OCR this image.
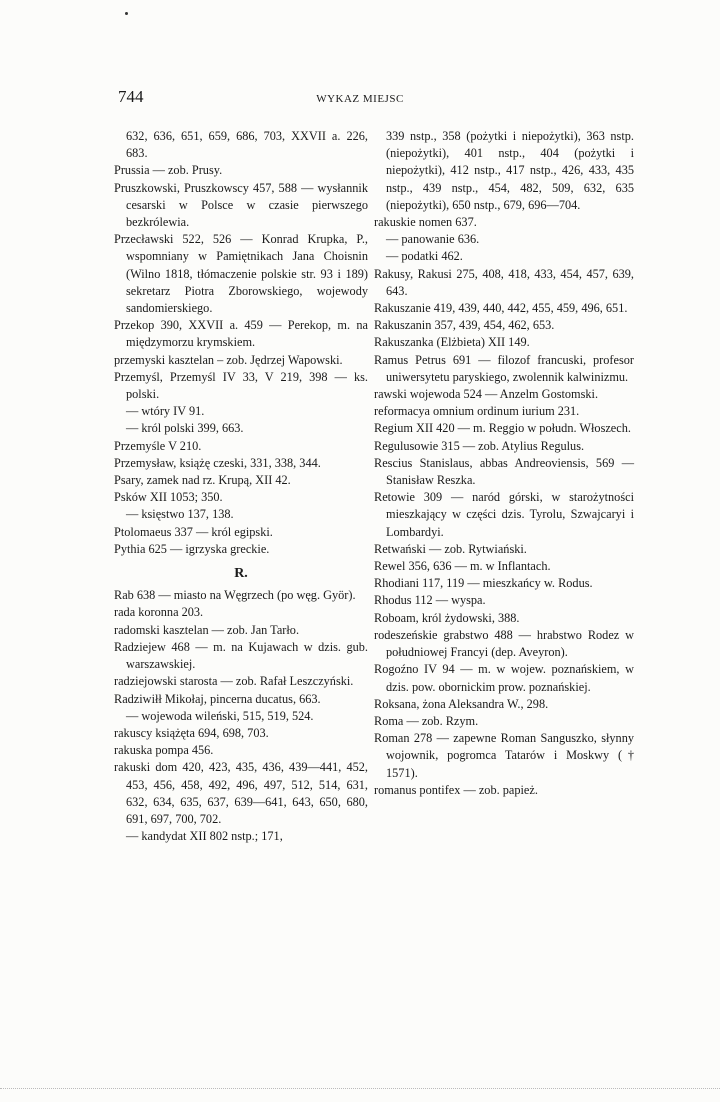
744	WYKAZ MIEJSC

632, 636, 651, 659, 686, 703, XXVII a. 226, 683.

Prussia — zob. Prusy.

Pruszkowski, Pruszkowscy 457, 588 — wysłannik cesarski w Polsce w czasie pierwszego bezkrólewia.

Przecławski 522, 526 — Konrad Krupka, P., wspomniany w Pamiętnikach Jana Choisnin (Wilno 1818, tłómaczenie polskie str. 93 i 189) sekretarz Piotra Zborowskiego, wojewody sandomierskiego.

Przekop 390, XXVII a. 459 — Perekop, m. na międzymorzu krymskiem.

przemyski kasztelan – zob. Jędrzej Wapowski.

Przemyśl, Przemyśl IV 33, V 219, 398 — ks. polski.

— wtóry IV 91.

— król polski 399, 663.

Przemyśle V 210.

Przemysław, książę czeski, 331, 338, 344.

Psary, zamek nad rz. Krupą, XII 42.

Psków XII 1053; 350.

— księstwo 137, 138.

Ptolomaeus 337 — król egipski.

Pythia 625 — igrzyska greckie.

R.

Rab 638 — miasto na Węgrzech (po węg. Györ).

rada koronna 203.

radomski kasztelan — zob. Jan Tarło.

Radziejew 468 — m. na Kujawach w dzis. gub. warszawskiej.

radziejowski starosta — zob. Rafał Leszczyński.

Radziwiłł Mikołaj, pincerna ducatus, 663.

— wojewoda wileński, 515, 519, 524.

rakuscy książęta 694, 698, 703.

rakuska pompa 456.

rakuski dom 420, 423, 435, 436, 439—441, 452, 453, 456, 458, 492, 496, 497, 512, 514, 631, 632, 634, 635, 637, 639—641, 643, 650, 680, 691, 697, 700, 702.

— kandydat XII 802 nstp.; 171,

339 nstp., 358 (pożytki i niepożytki), 363 nstp. (niepożytki), 401 nstp., 404 (pożytki i niepożytki), 412 nstp., 417 nstp., 426, 433, 435 nstp., 439 nstp., 454, 482, 509, 632, 635 (niepożytki), 650 nstp., 679, 696—704.

rakuskie nomen 637.

— panowanie 636.

— podatki 462.

Rakusy, Rakusi 275, 408, 418, 433, 454, 457, 639, 643.

Rakuszanie 419, 439, 440, 442, 455, 459, 496, 651.

Rakuszanin 357, 439, 454, 462, 653.

Rakuszanka (Elżbieta) XII 149.

Ramus Petrus 691 — filozof francuski, profesor uniwersytetu paryskiego, zwolennik kalwinizmu.

rawski wojewoda 524 — Anzelm Gostomski.

reformacya omnium ordinum iurium 231.

Regium XII 420 — m. Reggio w połudn. Włoszech.

Regulusowie 315 — zob. Atylius Regulus.

Rescius Stanislaus, abbas Andreoviensis, 569 — Stanisław Reszka.

Retowie 309 — naród górski, w starożytności mieszkający w części dzis. Tyrolu, Szwajcaryi i Lombardyi.

Retwański — zob. Rytwiański.

Rewel 356, 636 — m. w Inflantach.

Rhodiani 117, 119 — mieszkańcy w. Rodus.

Rhodus 112 — wyspa.

Roboam, król żydowski, 388.

rodeszeńskie grabstwo 488 — hrabstwo Rodez w południowej Francyi (dep. Aveyron).

Rogoźno IV 94 — m. w wojew. poznańskiem, w dzis. pow. obornickim prow. poznańskiej.

Roksana, żona Aleksandra W., 298.

Roma — zob. Rzym.

Roman 278 — zapewne Roman Sanguszko, słynny wojownik, pogromca Tatarów i Moskwy († 1571).

romanus pontifex — zob. papież.
